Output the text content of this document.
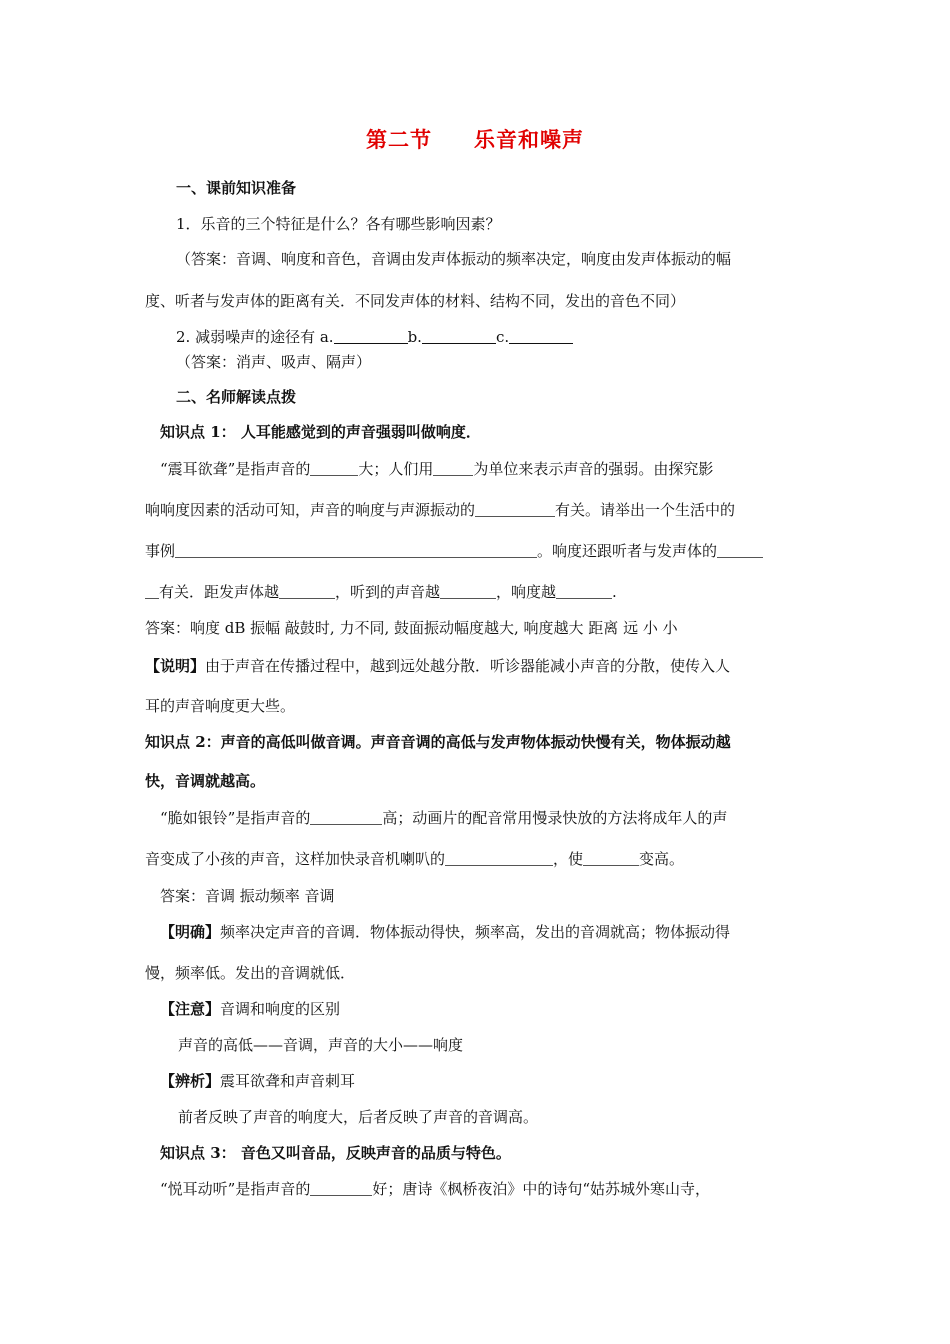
第二节 乐音和噪声
一、课前知识准备
1．乐音的三个特征是什么？各有哪些影响因素？
（答案：音调、响度和音色，音调由发声体振动的频率决定，响度由发声体振动的幅
度、听者与发声体的距离有关．不同发声体的材料、结构不同，发出的音色不同）
2. 减弱噪声的途径有 a.	b.	c.
（答案：消声、吸声、隔声）
二、名师解读点拨
知识点 1： 人耳能感觉到的声音强弱叫做响度．
“震耳欲聋”是指声音的	大；人们用	为单位来表示声音的强弱。由探究影
响响度因素的活动可知，声音的响度与声源振动的	有关。请举出一个生活中的
事例	。响度还跟听者与发声体的
有关．距发声体越	，听到的声音越	，响度越	.
答案：响度 dB 振幅 敲鼓时, 力不同, 鼓面振动幅度越大, 响度越大 距离 远 小 小
【说明】由于声音在传播过程中，越到远处越分散．听诊器能减小声音的分散，使传入人
耳的声音响度更大些。
知识点 2：声音的高低叫做音调。声音音调的高低与发声物体振动快慢有关，物体振动越
快，音调就越高。
“脆如银铃”是指声音的	高；动画片的配音常用慢录快放的方法将成年人的声
音变成了小孩的声音，这样加快录音机喇叭的	，使	变高。
答案：音调 振动频率 音调
【明确】频率决定声音的音调．物体振动得快，频率高，发出的音凋就高；物体振动得
慢，频率低。发出的音调就低．
【注意】音调和响度的区别
声音的高低——音调，声音的大小——响度
【辨析】震耳欲聋和声音刺耳
前者反映了声音的响度大，后者反映了声音的音调高。
知识点 3： 音色又叫音品，反映声音的品质与特色。
“悦耳动听”是指声音的	好；唐诗《枫桥夜泊》中的诗句“姑苏城外寒山寺，
